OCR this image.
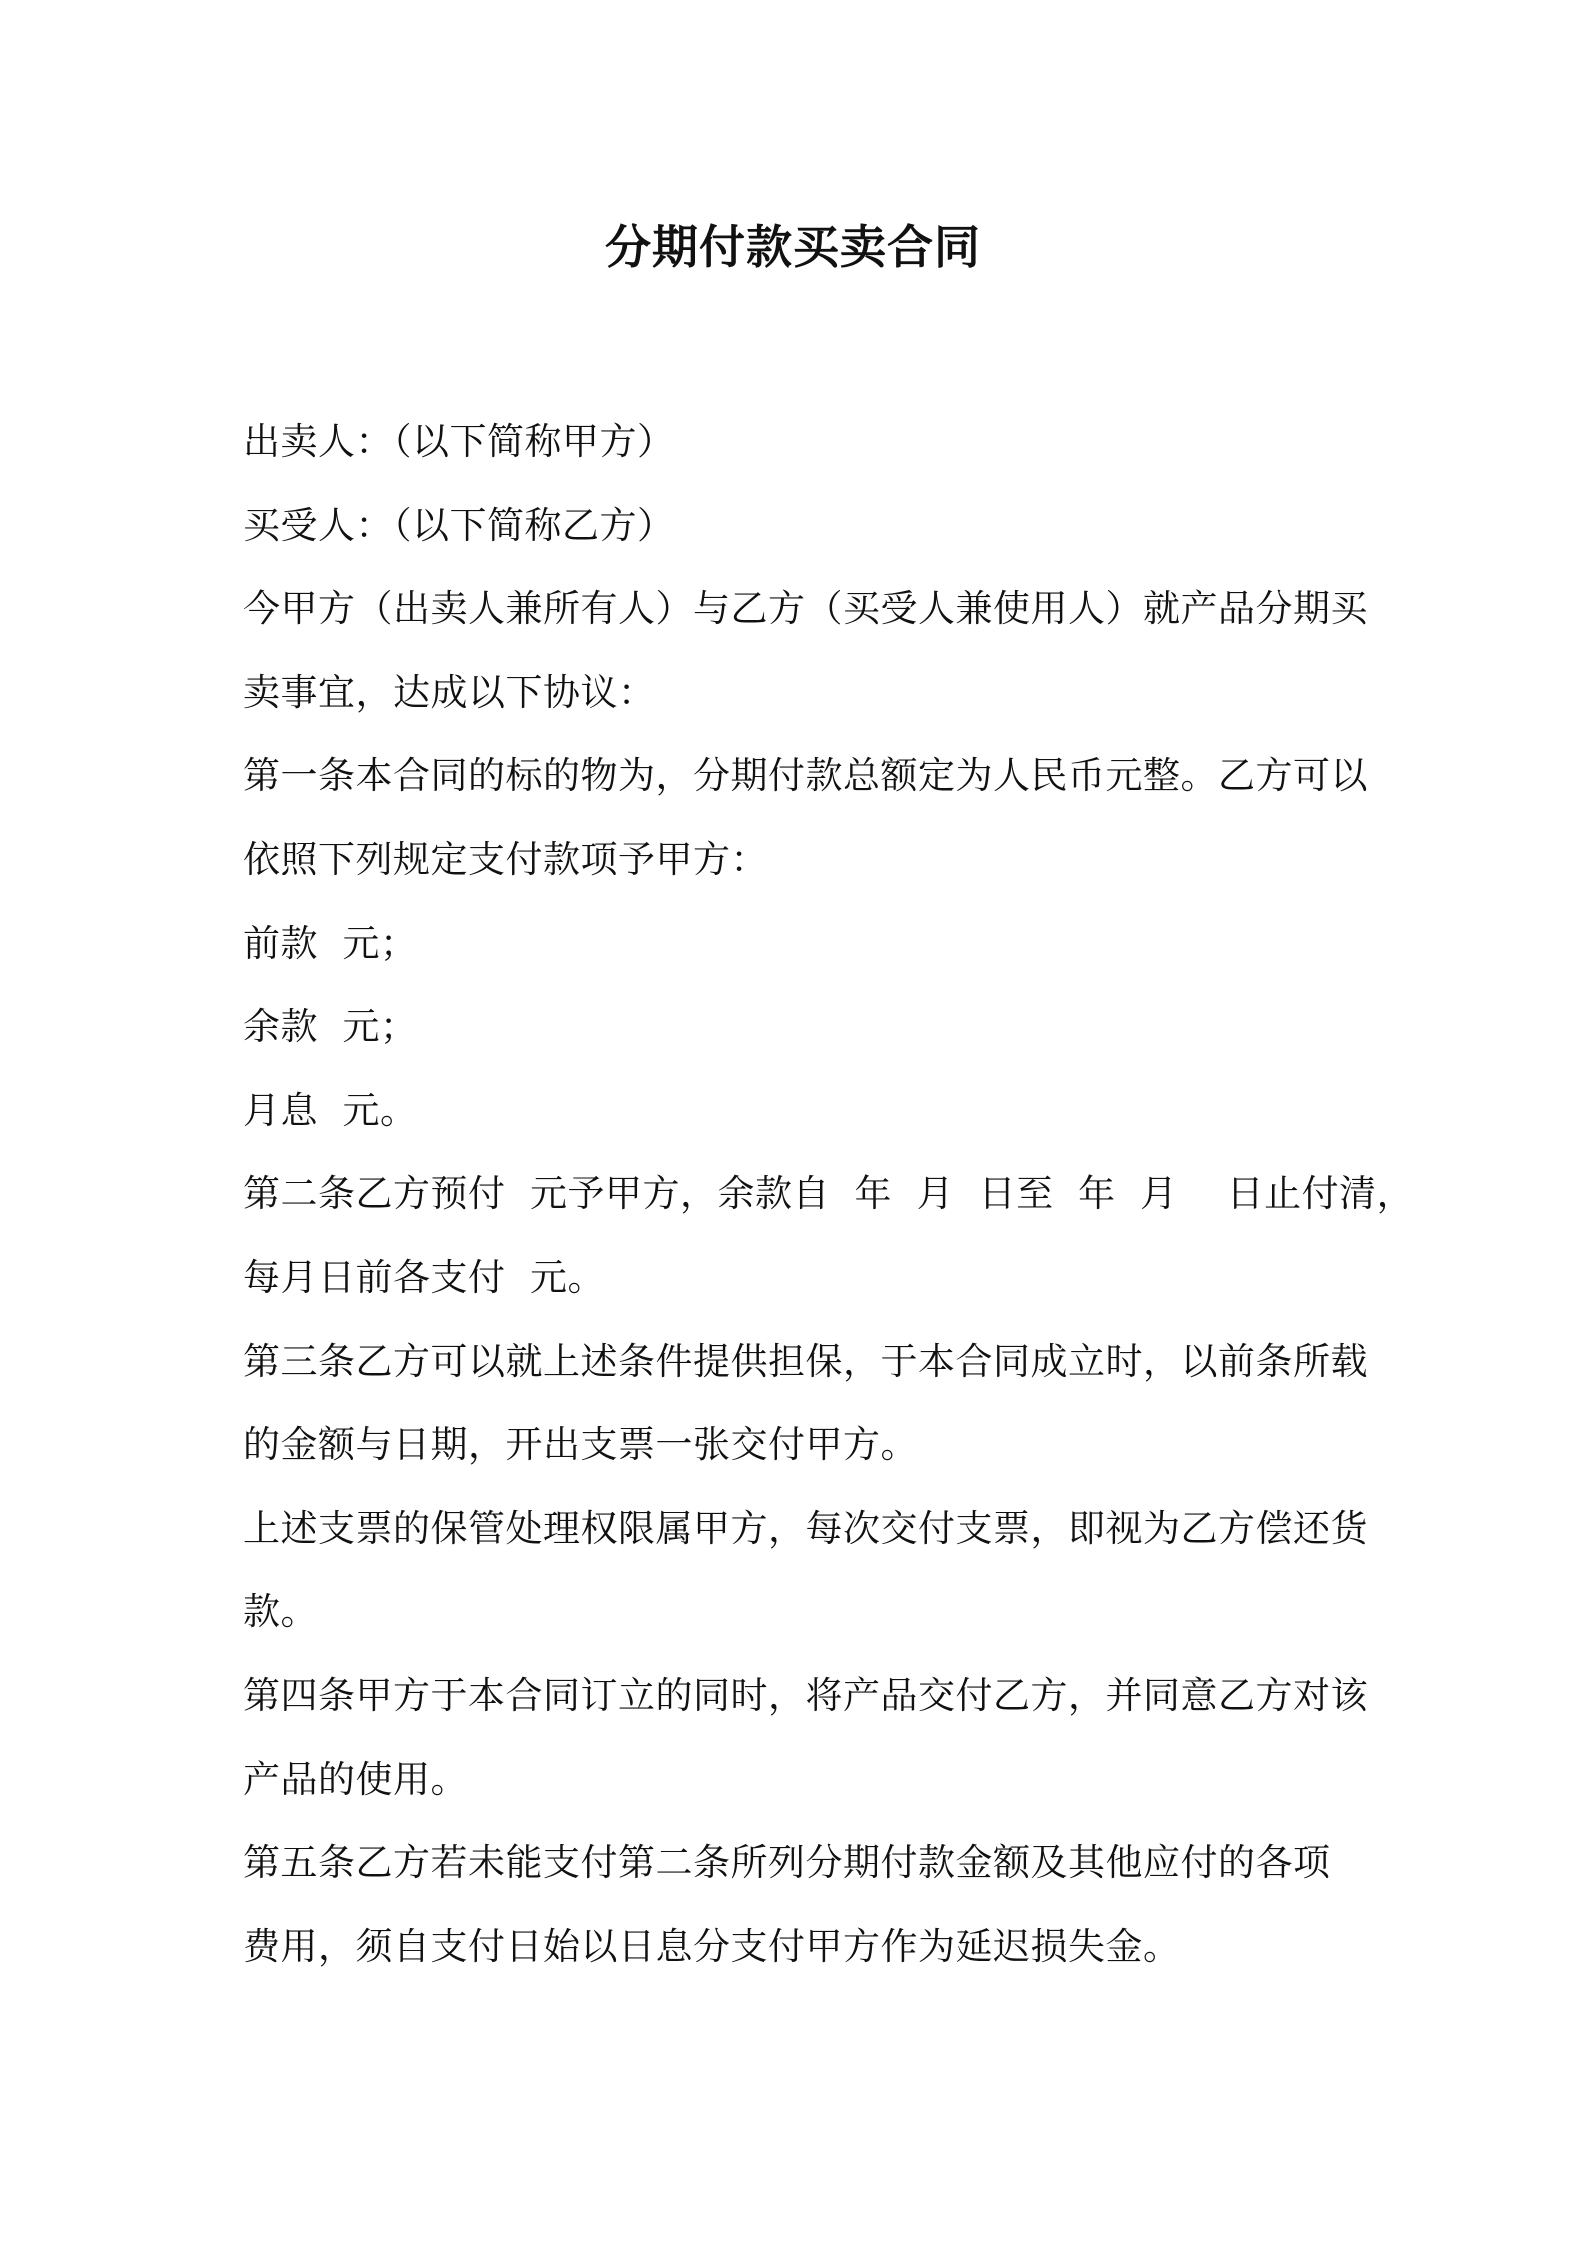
分期付款买卖合同
出卖人：（以下简称甲方）
买受人：（以下简称乙方）
今甲方（出卖人兼所有人）与乙方（买受人兼使用人）就产品分期买
卖事宜，达成以下协议：
第一条本合同的标的物为，分期付款总额定为人民币元整。乙方可以
依照下列规定支付款项予甲方：
前款  元；
余款  元；
月息  元。
第二条乙方预付  元予甲方，余款自  年  月  日至  年  月    日止付清，
每月日前各支付  元。
第三条乙方可以就上述条件提供担保，于本合同成立时，以前条所载
的金额与日期，开出支票一张交付甲方。
上述支票的保管处理权限属甲方，每次交付支票，即视为乙方偿还货
款。
第四条甲方于本合同订立的同时，将产品交付乙方，并同意乙方对该
产品的使用。
第五条乙方若未能支付第二条所列分期付款金额及其他应付的各项
费用，须自支付日始以日息分支付甲方作为延迟损失金。
